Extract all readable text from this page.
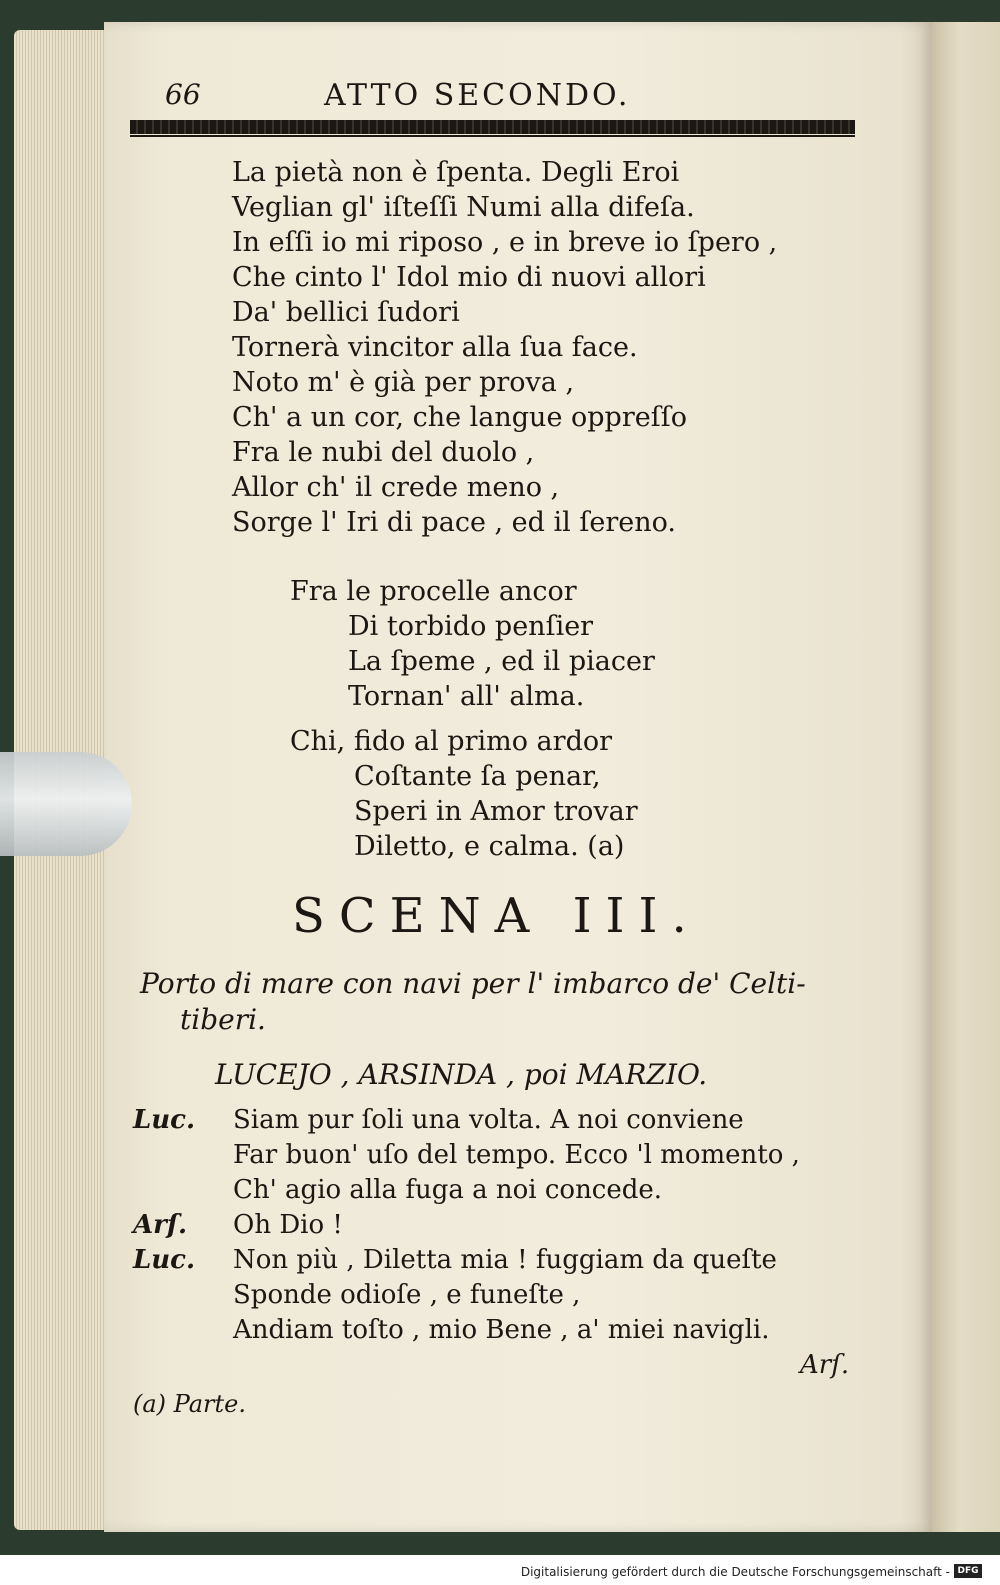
66	ATTO SECONDO.
La pietà non è ſpenta. Degli Eroi
Veglian gl' iſteſſi Numi alla difeſa.
In eſſi io mi riposo , e in breve io ſpero ,
Che cinto l' Idol mio di nuovi allori
Da' bellici ſudori
Tornerà vincitor alla ſua face.
Noto m' è già per prova ,
Ch' a un cor, che langue oppreſſo
Fra le nubi del duolo ,
Allor ch' il crede meno ,
Sorge l' Iri di pace , ed il ſereno.
Fra le procelle ancor
Di torbido penſier
La ſpeme , ed il piacer
Tornan' all' alma.
Chi, fido al primo ardor
Coſtante ſa penar,
Speri in Amor trovar
Diletto, e calma. (a)
SCENA III.
Porto di mare con navi per l' imbarco de' Celti-
tiberi.
LUCEJO , ARSINDA , poi MARZIO.
Luc.	Siam pur ſoli una volta. A noi conviene
Far buon' uſo del tempo. Ecco 'l momento ,
Ch' agio alla fuga a noi concede.
Arſ.	Oh Dio !
Luc.	Non più , Diletta mia ! fuggiam da queſte
Sponde odioſe , e funeſte ,
Andiam toſto , mio Bene , a' miei navigli.
Arſ.
(a) Parte.
Digitalisierung gefördert durch die Deutsche Forschungsgemeinschaft - DFG
